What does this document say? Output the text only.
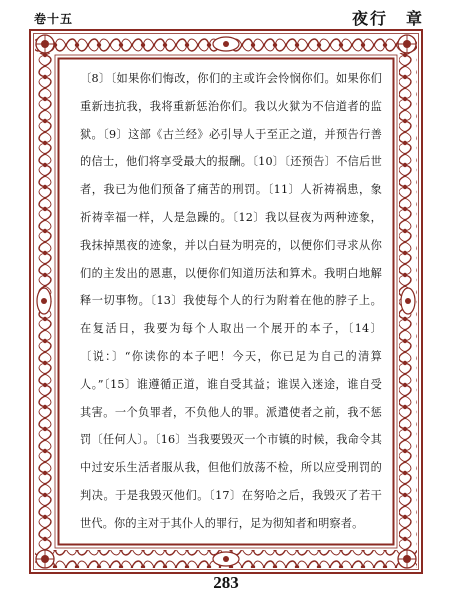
卷十五	夜行　章

〔8〕〔如果你们悔改，你们的主或许会怜悯你们。如果你们重新违抗我，我将重新惩治你们。我以火狱为不信道者的监狱。〔9〕这部《古兰经》必引导人于至正之道，并预告行善的信士，他们将享受最大的报酬。〔10〕〔还预告〕不信后世者，我已为他们预备了痛苦的刑罚。〔11〕人祈祷祸患，象祈祷幸福一样，人是急躁的。〔12〕我以昼夜为两种迹象，我抹掉黑夜的迹象，并以白昼为明亮的，以便你们寻求从你们的主发出的恩惠，以便你们知道历法和算术。我明白地解释一切事物。〔13〕我使每个人的行为附着在他的脖子上。在复活日，我要为每个人取出一个展开的本子，〔14〕〔说：〕“你读你的本子吧！今天，你已足为自己的清算人。”〔15〕谁遵循正道，谁自受其益；谁误入迷途，谁自受其害。一个负罪者，不负他人的罪。派遣使者之前，我不惩罚〔任何人〕。〔16〕当我要毁灭一个市镇的时候，我命令其中过安乐生活者服从我，但他们放荡不检，所以应受刑罚的判决。于是我毁灭他们。〔17〕在努哈之后，我毁灭了若干世代。你的主对于其仆人的罪行，足为彻知者和明察者。

283
